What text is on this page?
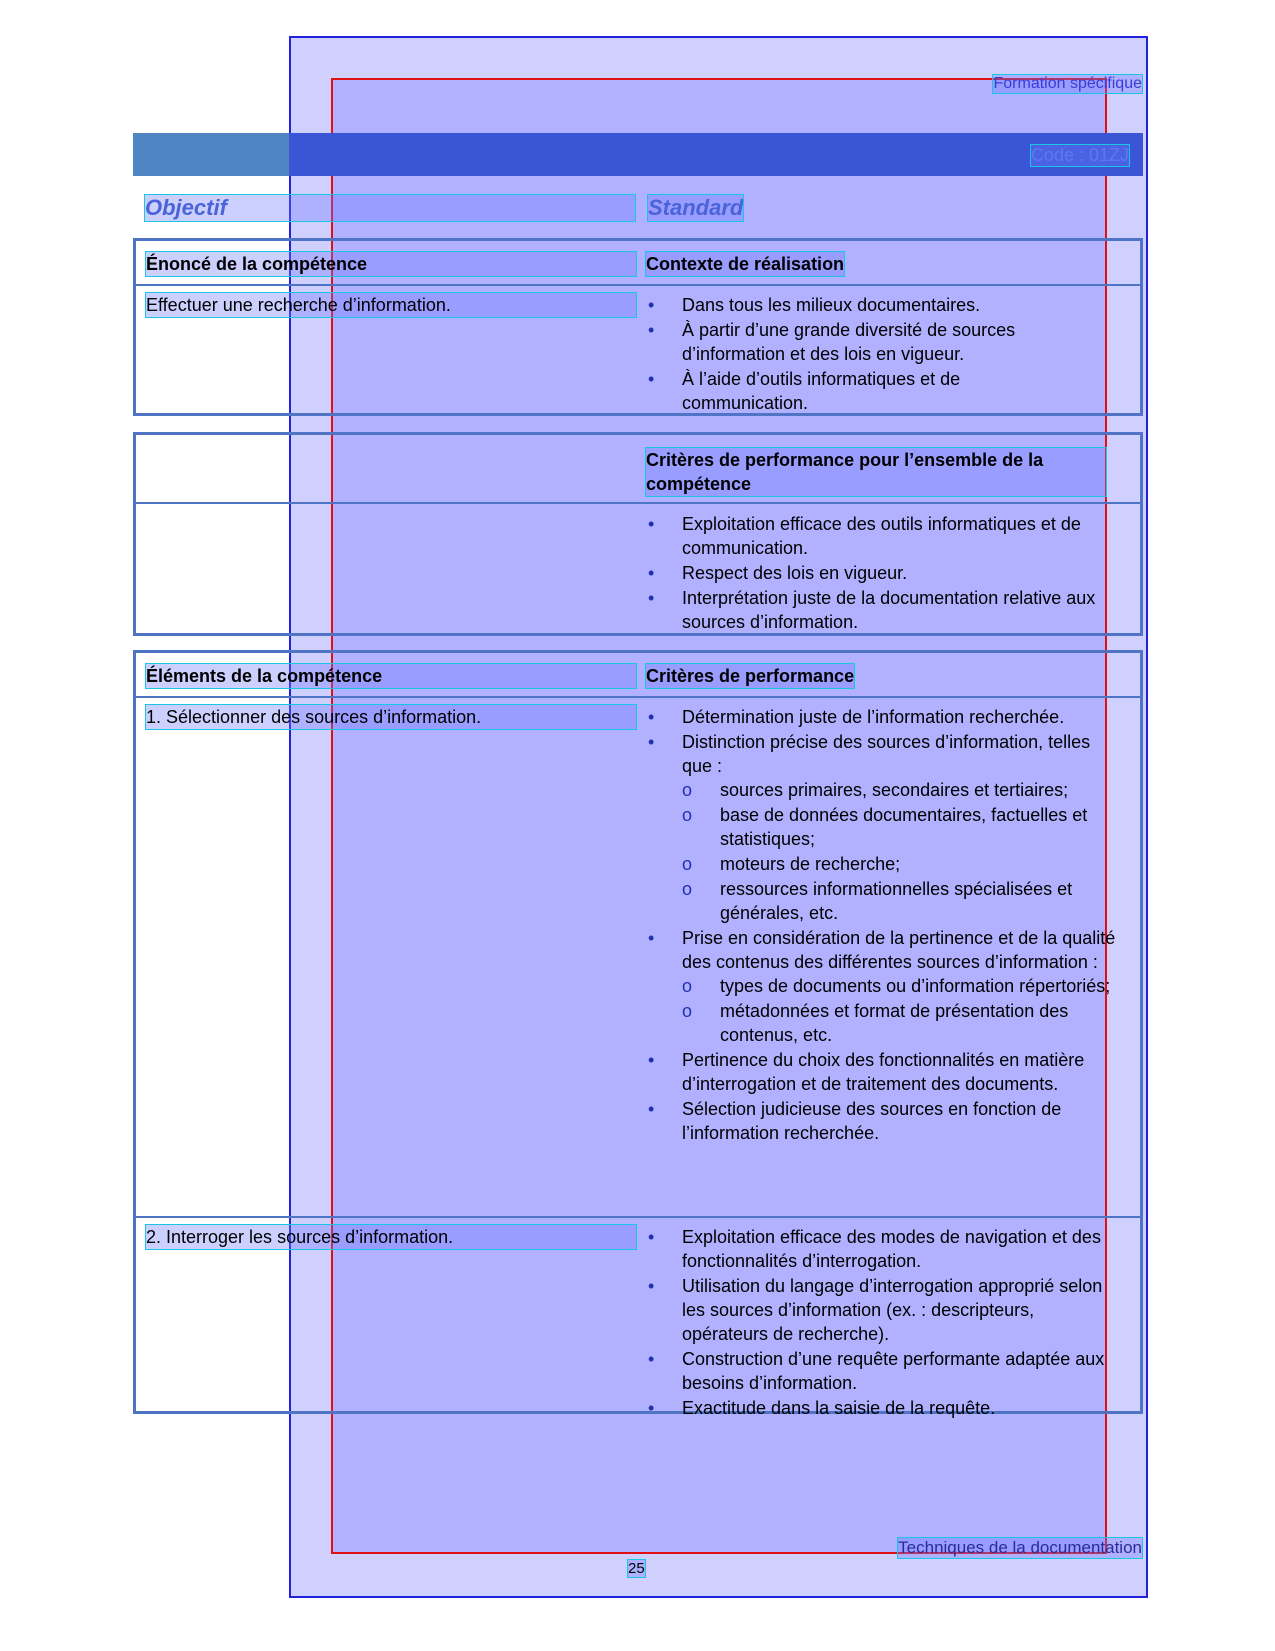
Formation spécifique
Code : 01ZJ
Objectif	Standard
Énoncé de la compétence	Contexte de réalisation
Effectuer une recherche d’information.	• Dans tous les milieux documentaires.
• À partir d’une grande diversité de sources d’information et des lois en vigueur.
• À l’aide d’outils informatiques et de communication.
Critères de performance pour l’ensemble de la compétence
• Exploitation efficace des outils informatiques et de communication.
• Respect des lois en vigueur.
• Interprétation juste de la documentation relative aux sources d’information.
Éléments de la compétence	Critères de performance
1. Sélectionner des sources d’information.	• Détermination juste de l’information recherchée.
• Distinction précise des sources d’information, telles que :
o sources primaires, secondaires et tertiaires;
o base de données documentaires, factuelles et statistiques;
o moteurs de recherche;
o ressources informationnelles spécialisées et générales, etc.
• Prise en considération de la pertinence et de la qualité des contenus des différentes sources d’information :
o types de documents ou d’information répertoriés;
o métadonnées et format de présentation des contenus, etc.
• Pertinence du choix des fonctionnalités en matière d’interrogation et de traitement des documents.
• Sélection judicieuse des sources en fonction de l’information recherchée.
2. Interroger les sources d’information.	• Exploitation efficace des modes de navigation et des fonctionnalités d’interrogation.
• Utilisation du langage d’interrogation approprié selon les sources d’information (ex. : descripteurs, opérateurs de recherche).
• Construction d’une requête performante adaptée aux besoins d’information.
• Exactitude dans la saisie de la requête.
Techniques de la documentation
25
